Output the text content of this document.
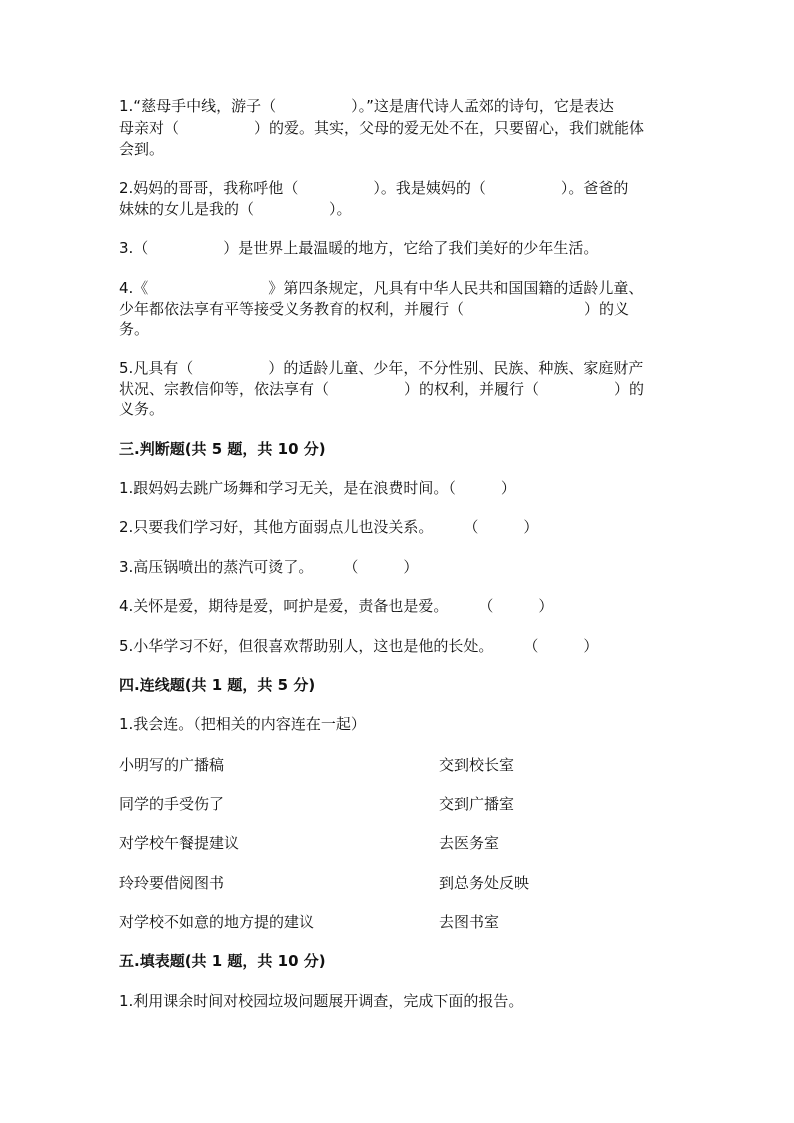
1.“慈母手中线，游子（　　　　　）。”这是唐代诗人孟郊的诗句，它是表达
母亲对（　　　　　）的爱。其实，父母的爱无处不在，只要留心，我们就能体
会到。
2.妈妈的哥哥，我称呼他（　　　　　）。我是姨妈的（　　　　　）。爸爸的
妹妹的女儿是我的（　　　　　）。
3.（　　　　　）是世界上最温暖的地方，它给了我们美好的少年生活。
4.《　　　　　　　　》第四条规定，凡具有中华人民共和国国籍的适龄儿童、
少年都依法享有平等接受义务教育的权利，并履行（　　　　　　　　）的义
务。
5.凡具有（　　　　　）的适龄儿童、少年，不分性别、民族、种族、家庭财产
状况、宗教信仰等，依法享有（　　　　　）的权利，并履行（　　　　　）的
义务。
三.判断题(共 5 题，共 10 分)
1.跟妈妈去跳广场舞和学习无关，是在浪费时间。（　　　）
2.只要我们学习好，其他方面弱点儿也没关系。　　　（　　　）
3.高压锅喷出的蒸汽可烫了。　　　（　　　）
4.关怀是爱，期待是爱，呵护是爱，责备也是爱。　　　（　　　）
5.小华学习不好，但很喜欢帮助别人，这也是他的长处。　　　（　　　）
四.连线题(共 1 题，共 5 分)
1.我会连。（把相关的内容连在一起）
小明写的广播稿
同学的手受伤了
对学校午餐提建议
玲玲要借阅图书
对学校不如意的地方提的建议
交到校长室
交到广播室
去医务室
到总务处反映
去图书室
五.填表题(共 1 题，共 10 分)
1.利用课余时间对校园垃圾问题展开调查，完成下面的报告。
